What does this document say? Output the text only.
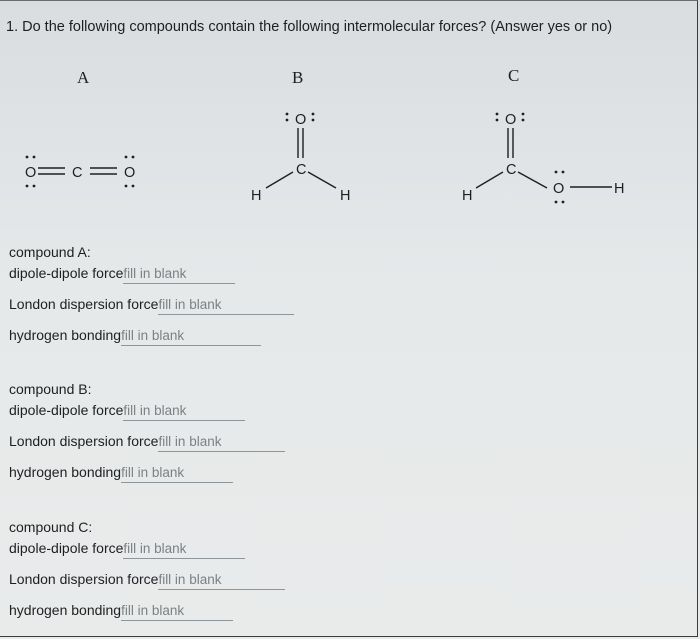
1. Do the following compounds contain the following intermolecular forces? (Answer yes or no)
A	B	C
O C	O
O
C
H	H
O
C
H	O	H
compound A:
dipole-dipole forcefill in blank
London dispersion forcefill in blank
hydrogen bondingfill in blank
compound B:
dipole-dipole forcefill in blank
London dispersion forcefill in blank
hydrogen bondingfill in blank
compound C:
dipole-dipole forcefill in blank
London dispersion forcefill in blank
hydrogen bondingfill in blank
